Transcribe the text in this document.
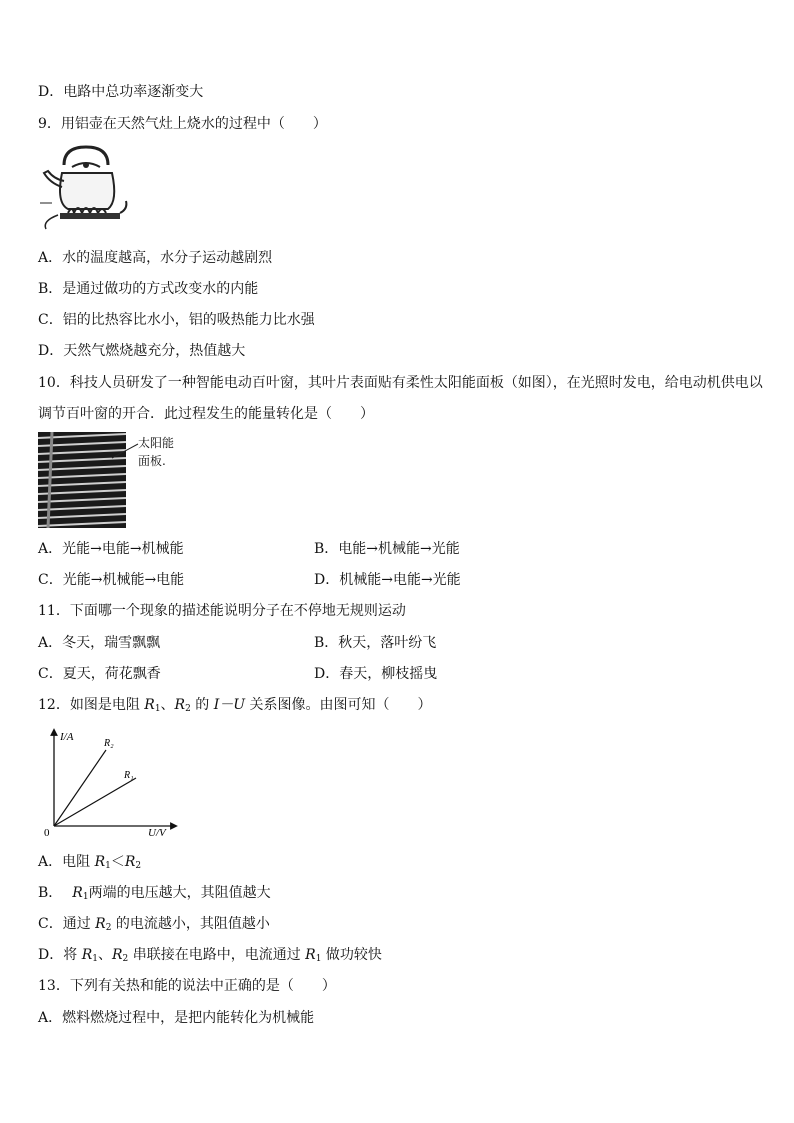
D．电路中总功率逐渐变大
9．用铝壶在天然气灶上烧水的过程中（　　）
A．水的温度越高，水分子运动越剧烈
B．是通过做功的方式改变水的内能
C．铝的比热容比水小，铝的吸热能力比水强
D．天然气燃烧越充分，热值越大
10．科技人员研发了一种智能电动百叶窗，其叶片表面贴有柔性太阳能面板（如图），在光照时发电，给电动机供电以
调节百叶窗的开合．此过程发生的能量转化是（　　）
太阳能
面板.
A．光能→电能→机械能	B．电能→机械能→光能
C．光能→机械能→电能	D．机械能→电能→光能
11．下面哪一个现象的描述能说明分子在不停地无规则运动
A．冬天，瑞雪飘飘	B．秋天，落叶纷飞
C．夏天，荷花飘香	D．春天，柳枝摇曳
12．如图是电阻 $R_1$、$R_2$ 的 I－U 关系图像。由图可知（　　）
I/A
R₂
R₁
0	U/V
A．电阻 $R_1<R_2$
B． $R_1$两端的电压越大，其阻值越大
C．通过 $R_2$ 的电流越小，其阻值越小
D．将 $R_1$、$R_2$ 串联接在电路中，电流通过 $R_1$ 做功较快
13．下列有关热和能的说法中正确的是（　　）
A．燃料燃烧过程中，是把内能转化为机械能
